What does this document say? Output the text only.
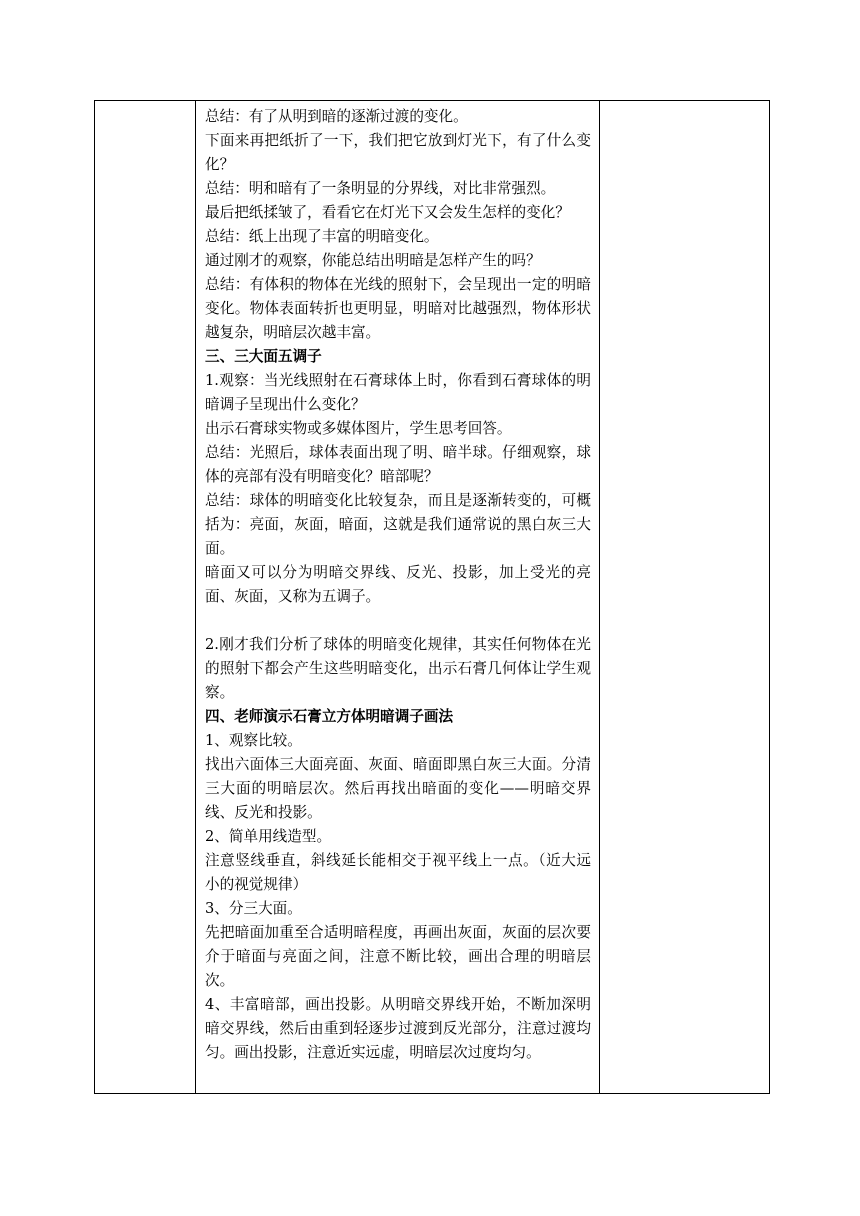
总结：有了从明到暗的逐渐过渡的变化。

下面来再把纸折了一下，我们把它放到灯光下，有了什么变化？

总结：明和暗有了一条明显的分界线，对比非常强烈。

最后把纸揉皱了，看看它在灯光下又会发生怎样的变化？

总结：纸上出现了丰富的明暗变化。

通过刚才的观察，你能总结出明暗是怎样产生的吗？

总结：有体积的物体在光线的照射下，会呈现出一定的明暗变化。物体表面转折也更明显，明暗对比越强烈，物体形状越复杂，明暗层次越丰富。

三、三大面五调子

1.观察：当光线照射在石膏球体上时，你看到石膏球体的明暗调子呈现出什么变化？

出示石膏球实物或多媒体图片，学生思考回答。

总结：光照后，球体表面出现了明、暗半球。仔细观察，球体的亮部有没有明暗变化？暗部呢？

总结：球体的明暗变化比较复杂，而且是逐渐转变的，可概括为：亮面，灰面，暗面，这就是我们通常说的黑白灰三大面。

暗面又可以分为明暗交界线、反光、投影，加上受光的亮面、灰面，又称为五调子。

2.刚才我们分析了球体的明暗变化规律，其实任何物体在光的照射下都会产生这些明暗变化，出示石膏几何体让学生观察。

四、老师演示石膏立方体明暗调子画法

1、观察比较。

找出六面体三大面亮面、灰面、暗面即黑白灰三大面。分清三大面的明暗层次。然后再找出暗面的变化——明暗交界线、反光和投影。

2、简单用线造型。

注意竖线垂直，斜线延长能相交于视平线上一点。（近大远小的视觉规律）

3、分三大面。

先把暗面加重至合适明暗程度，再画出灰面，灰面的层次要介于暗面与亮面之间，注意不断比较，画出合理的明暗层次。

4、丰富暗部，画出投影。从明暗交界线开始，不断加深明暗交界线，然后由重到轻逐步过渡到反光部分，注意过渡均匀。画出投影，注意近实远虚，明暗层次过度均匀。
